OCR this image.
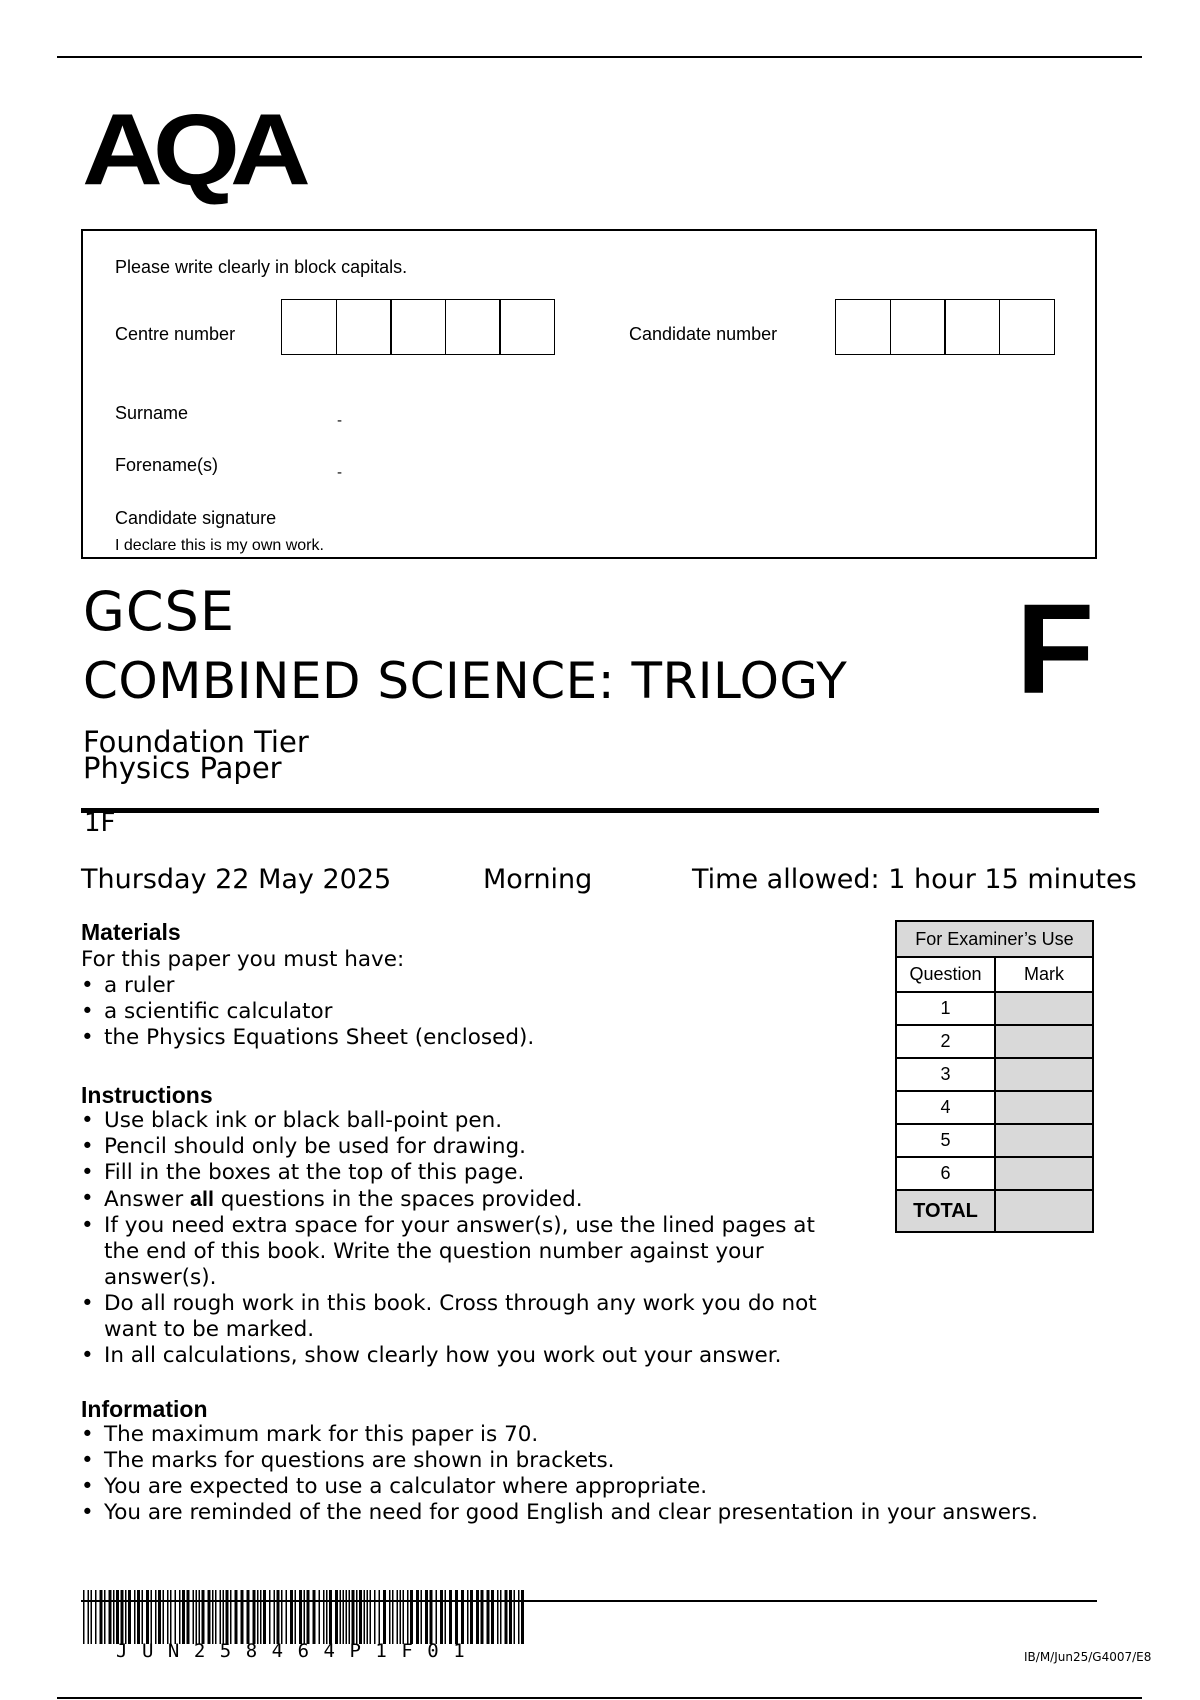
AQA
Please write clearly in block capitals.
Centre number	Candidate number
Surname	-
Forename(s)	-
Candidate signature
I declare this is my own work.
GCSE
COMBINED SCIENCE: TRILOGY F
Foundation Tier
Physics Paper
1F
Thursday 22 May 2025	Morning	Time allowed: 1 hour 15 minutes
Materials
For this paper you must have:
• a ruler
• a scientific calculator
• the Physics Equations Sheet (enclosed).
Instructions
• Use black ink or black ball-point pen.
• Pencil should only be used for drawing.
• Fill in the boxes at the top of this page.
• Answer all questions in the spaces provided.
• If you need extra space for your answer(s), use the lined pages at the end of this book. Write the question number against your answer(s).
• Do all rough work in this book. Cross through any work you do not want to be marked.
• In all calculations, show clearly how you work out your answer.
Information
• The maximum mark for this paper is 70.
• The marks for questions are shown in brackets.
• You are expected to use a calculator where appropriate.
• You are reminded of the need for good English and clear presentation in your answers.
For Examiner’s Use	
Question	Mark
1	
2	
3	
4	
5	
6	
TOTAL	
JUN258464P1F01	IB/M/Jun25/G4007/E8
